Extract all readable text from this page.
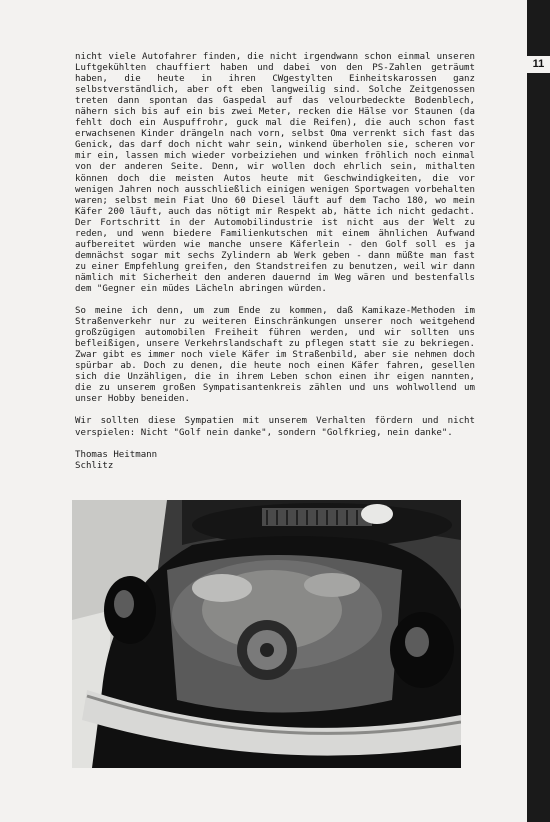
11

nicht viele Autofahrer finden, die nicht irgendwann schon einmal unseren Luftgekühlten chauffiert haben und dabei von den PS-Zahlen geträumt haben, die heute in ihren CWgestylten Einheitskarossen ganz selbstverständlich, aber oft eben langweilig sind. Solche Zeitgenossen treten dann spontan das Gaspedal auf das velourbedeckte Bodenblech, nähern sich bis auf ein bis zwei Meter, recken die Hälse vor Staunen (da fehlt doch ein Auspuffrohr, guck mal die Reifen), die auch schon fast erwachsenen Kinder drängeln nach vorn, selbst Oma verrenkt sich fast das Genick, das darf doch nicht wahr sein, winkend überholen sie, scheren vor mir ein, lassen mich wieder vorbeiziehen und winken fröhlich noch einmal von der anderen Seite. Denn, wir wollen doch ehrlich sein, mithalten können doch die meisten Autos heute mit Geschwindigkeiten, die vor wenigen Jahren noch ausschließlich einigen wenigen Sportwagen vorbehalten waren; selbst mein Fiat Uno 60 Diesel läuft auf dem Tacho 180, wo mein Käfer 200 läuft, auch das nötigt mir Respekt ab, hätte ich nicht gedacht. Der Fortschritt in der Automobilindustrie ist nicht aus der Welt zu reden, und wenn biedere Familienkutschen mit einem ähnlichen Aufwand aufbereitet würden wie manche unsere Käferlein - den Golf soll es ja demnächst sogar mit sechs Zylindern ab Werk geben - dann müßte man fast zu einer Empfehlung greifen, den Standstreifen zu benutzen, weil wir dann nämlich mit Sicherheit den anderen dauernd im Weg wären und bestenfalls dem "Gegner ein müdes Lächeln abringen würden.

So meine ich denn, um zum Ende zu kommen, daß Kamikaze-Methoden im Straßenverkehr nur zu weiteren Einschränkungen unserer noch weitgehend großzügigen automobilen Freiheit führen werden, und wir sollten uns befleißigen, unsere Verkehrslandschaft zu pflegen statt sie zu bekriegen. Zwar gibt es immer noch viele Käfer im Straßenbild, aber sie nehmen doch spürbar ab. Doch zu denen, die heute noch einen Käfer fahren, gesellen sich die Unzähligen, die in ihrem Leben schon einen ihr eigen nannten, die zu unserem großen Sympatisantenkreis zählen und uns wohlwollend um unser Hobby beneiden.

Wir sollten diese Sympatien mit unserem Verhalten fördern und nicht verspielen: Nicht "Golf nein danke", sondern "Golfkrieg, nein danke".

Thomas Heitmann

Schlitz
